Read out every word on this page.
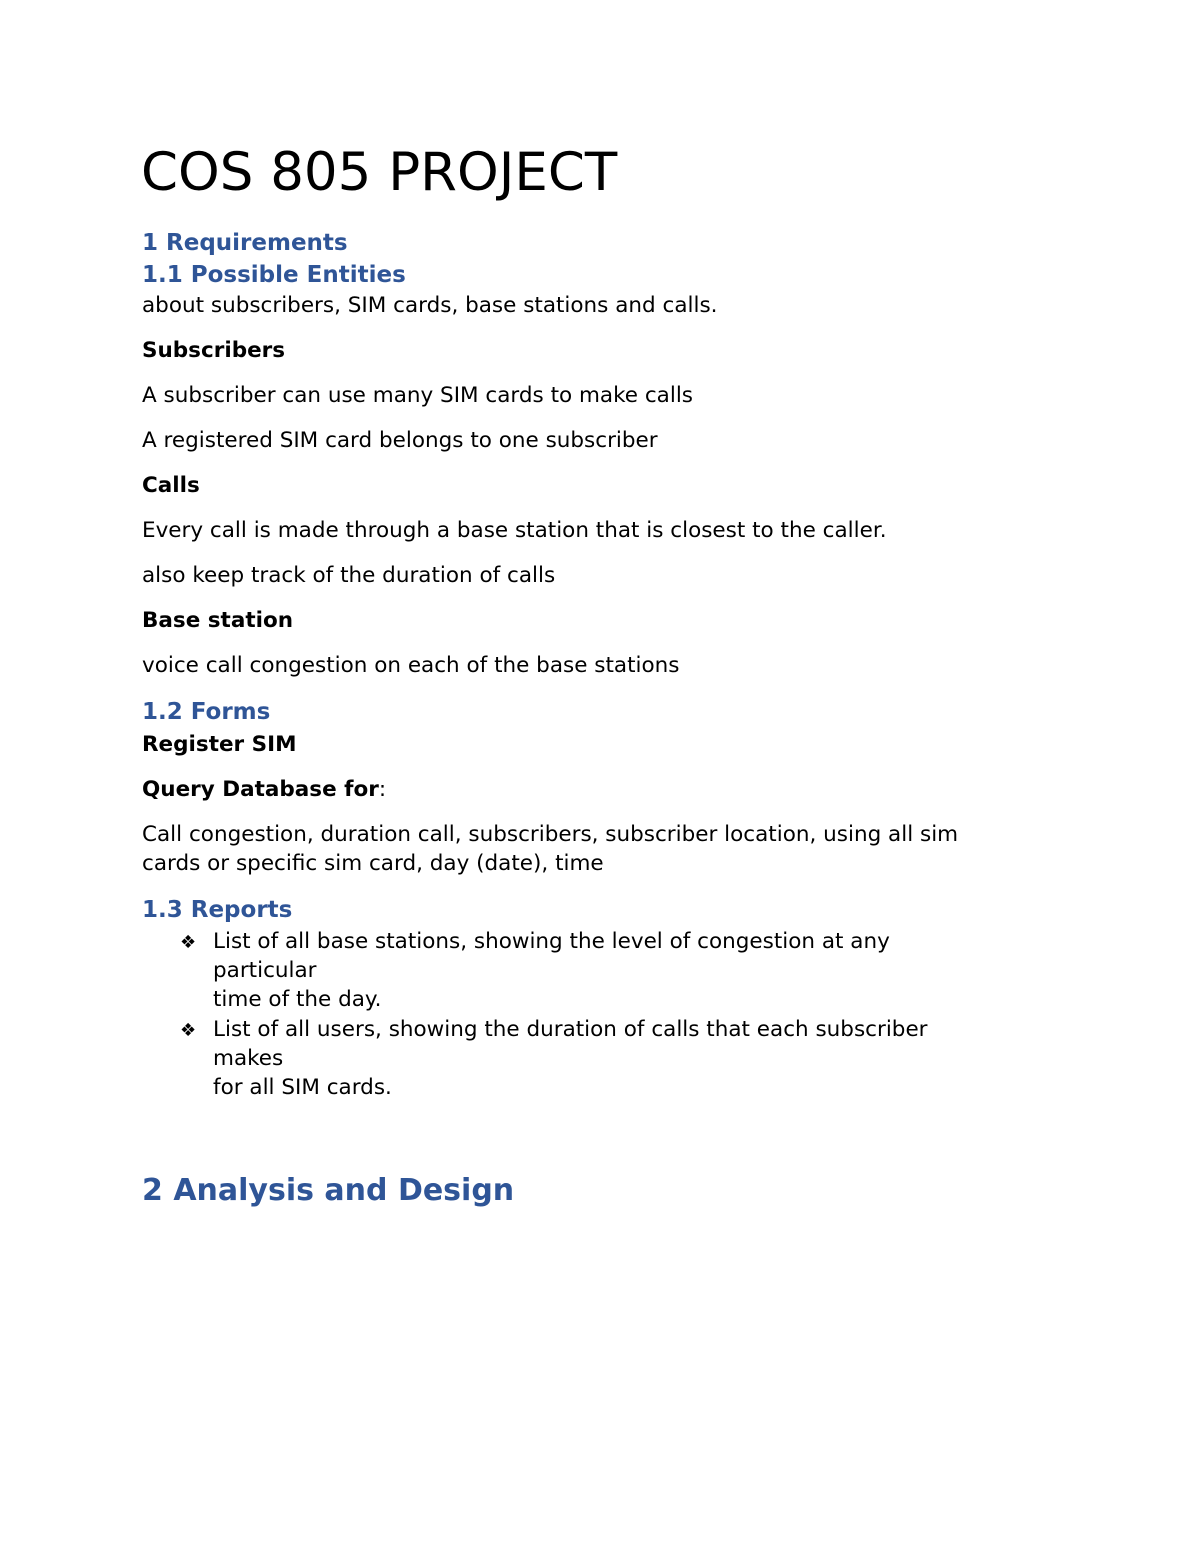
COS 805 PROJECT
1 Requirements
1.1 Possible Entities
about subscribers, SIM cards, base stations and calls.
Subscribers
A subscriber can use many SIM cards to make calls
A registered SIM card belongs to one subscriber
Calls
Every call is made through a base station that is closest to the caller.
also keep track of the duration of calls
Base station
voice call congestion on each of the base stations
1.2 Forms
Register SIM
Query Database for:
Call congestion, duration call, subscribers, subscriber location, using all sim
cards or specific sim card, day (date), time
1.3 Reports
❖ List of all base stations, showing the level of congestion at any
particular
time of the day.
❖ List of all users, showing the duration of calls that each subscriber
makes
for all SIM cards.
2 Analysis and Design
